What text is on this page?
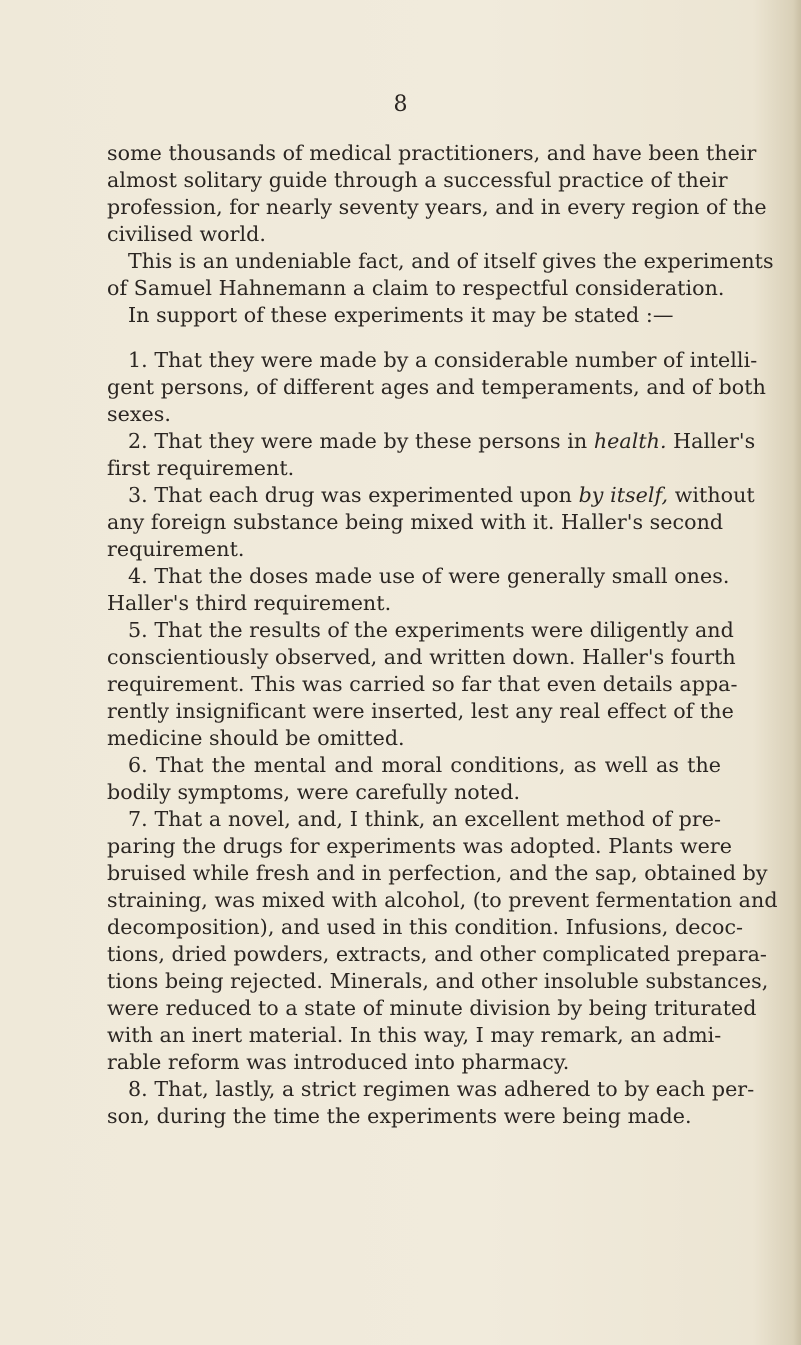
8

some thousands of medical practitioners, and have been their
almost solitary guide through a successful practice of their
profession, for nearly seventy years, and in every region of the
civilised world.

This is an undeniable fact, and of itself gives the experiments
of Samuel Hahnemann a claim to respectful consideration.

In support of these experiments it may be stated :—

1. That they were made by a considerable number of intelli-
gent persons, of different ages and temperaments, and of both
sexes.

2. That they were made by these persons in health. Haller's
first requirement.

3. That each drug was experimented upon by itself, without
any foreign substance being mixed with it. Haller's second
requirement.

4. That the doses made use of were generally small ones.
Haller's third requirement.

5. That the results of the experiments were diligently and
conscientiously observed, and written down. Haller's fourth
requirement. This was carried so far that even details appa-
rently insignificant were inserted, lest any real effect of the
medicine should be omitted.

6. That the mental and moral conditions, as well as the
bodily symptoms, were carefully noted.

7. That a novel, and, I think, an excellent method of pre-
paring the drugs for experiments was adopted. Plants were
bruised while fresh and in perfection, and the sap, obtained by
straining, was mixed with alcohol, (to prevent fermentation and
decomposition), and used in this condition. Infusions, decoc-
tions, dried powders, extracts, and other complicated prepara-
tions being rejected. Minerals, and other insoluble substances,
were reduced to a state of minute division by being triturated
with an inert material. In this way, I may remark, an admi-
rable reform was introduced into pharmacy.

8. That, lastly, a strict regimen was adhered to by each per-
son, during the time the experiments were being made.
